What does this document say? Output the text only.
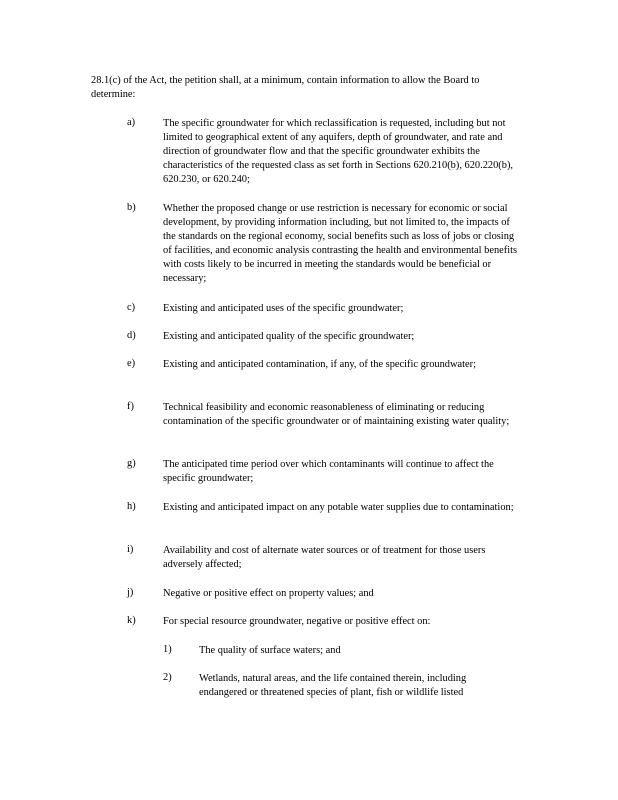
28.1(c) of the Act, the petition shall, at a minimum, contain information to allow the Board to determine:
a)	The specific groundwater for which reclassification is requested, including but not limited to geographical extent of any aquifers, depth of groundwater, and rate and direction of groundwater flow and that the specific groundwater exhibits the characteristics of the requested class as set forth in Sections 620.210(b), 620.220(b), 620.230, or 620.240;
b)	Whether the proposed change or use restriction is necessary for economic or social development, by providing information including, but not limited to, the impacts of the standards on the regional economy, social benefits such as loss of jobs or closing of facilities, and economic analysis contrasting the health and environmental benefits with costs likely to be incurred in meeting the standards would be beneficial or necessary;
c)	Existing and anticipated uses of the specific groundwater;
d)	Existing and anticipated quality of the specific groundwater;
e)	Existing and anticipated contamination, if any, of the specific groundwater;
f)	Technical feasibility and economic reasonableness of eliminating or reducing contamination of the specific groundwater or of maintaining existing water quality;
g)	The anticipated time period over which contaminants will continue to affect the specific groundwater;
h)	Existing and anticipated impact on any potable water supplies due to contamination;
i)	Availability and cost of alternate water sources or of treatment for those users adversely affected;
j)	Negative or positive effect on property values; and
k)	For special resource groundwater, negative or positive effect on:
1)	The quality of surface waters; and
2)	Wetlands, natural areas, and the life contained therein, including endangered or threatened species of plant, fish or wildlife listed
